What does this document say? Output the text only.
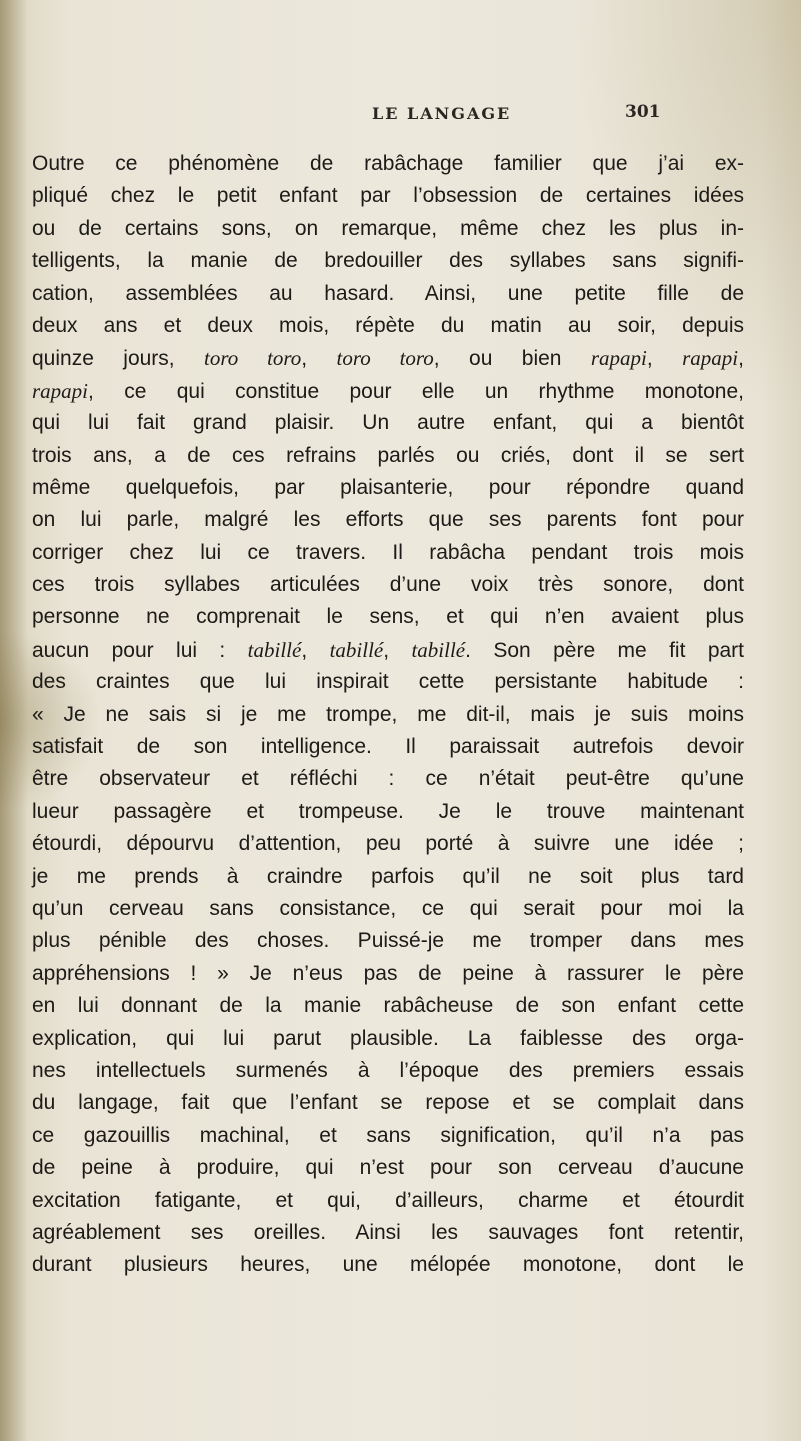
LE LANGAGE	301
Outre ce phénomène de rabâchage familier que j’ai ex-
pliqué chez le petit enfant par l’obsession de certaines idées
ou de certains sons, on remarque, même chez les plus in-
telligents, la manie de bredouiller des syllabes sans signifi-
cation, assemblées au hasard. Ainsi, une petite fille de
deux ans et deux mois, répète du matin au soir, depuis
quinze jours, toro toro, toro toro, ou bien rapapi, rapapi,
rapapi, ce qui constitue pour elle un rhythme monotone,
qui lui fait grand plaisir. Un autre enfant, qui a bientôt
trois ans, a de ces refrains parlés ou criés, dont il se sert
même quelquefois, par plaisanterie, pour répondre quand
on lui parle, malgré les efforts que ses parents font pour
corriger chez lui ce travers. Il rabâcha pendant trois mois
ces trois syllabes articulées d’une voix très sonore, dont
personne ne comprenait le sens, et qui n’en avaient plus
aucun pour lui : tabillé, tabillé, tabillé. Son père me fit part
des craintes que lui inspirait cette persistante habitude :
« Je ne sais si je me trompe, me dit-il, mais je suis moins
satisfait de son intelligence. Il paraissait autrefois devoir
être observateur et réfléchi : ce n’était peut-être qu’une
lueur passagère et trompeuse. Je le trouve maintenant
étourdi, dépourvu d’attention, peu porté à suivre une idée ;
je me prends à craindre parfois qu’il ne soit plus tard
qu’un cerveau sans consistance, ce qui serait pour moi la
plus pénible des choses. Puissé-je me tromper dans mes
appréhensions ! » Je n’eus pas de peine à rassurer le père
en lui donnant de la manie rabâcheuse de son enfant cette
explication, qui lui parut plausible. La faiblesse des orga-
nes intellectuels surmenés à l’époque des premiers essais
du langage, fait que l’enfant se repose et se complait dans
ce gazouillis machinal, et sans signification, qu’il n’a pas
de peine à produire, qui n’est pour son cerveau d’aucune
excitation fatigante, et qui, d’ailleurs, charme et étourdit
agréablement ses oreilles. Ainsi les sauvages font retentir,
durant plusieurs heures, une mélopée monotone, dont le
